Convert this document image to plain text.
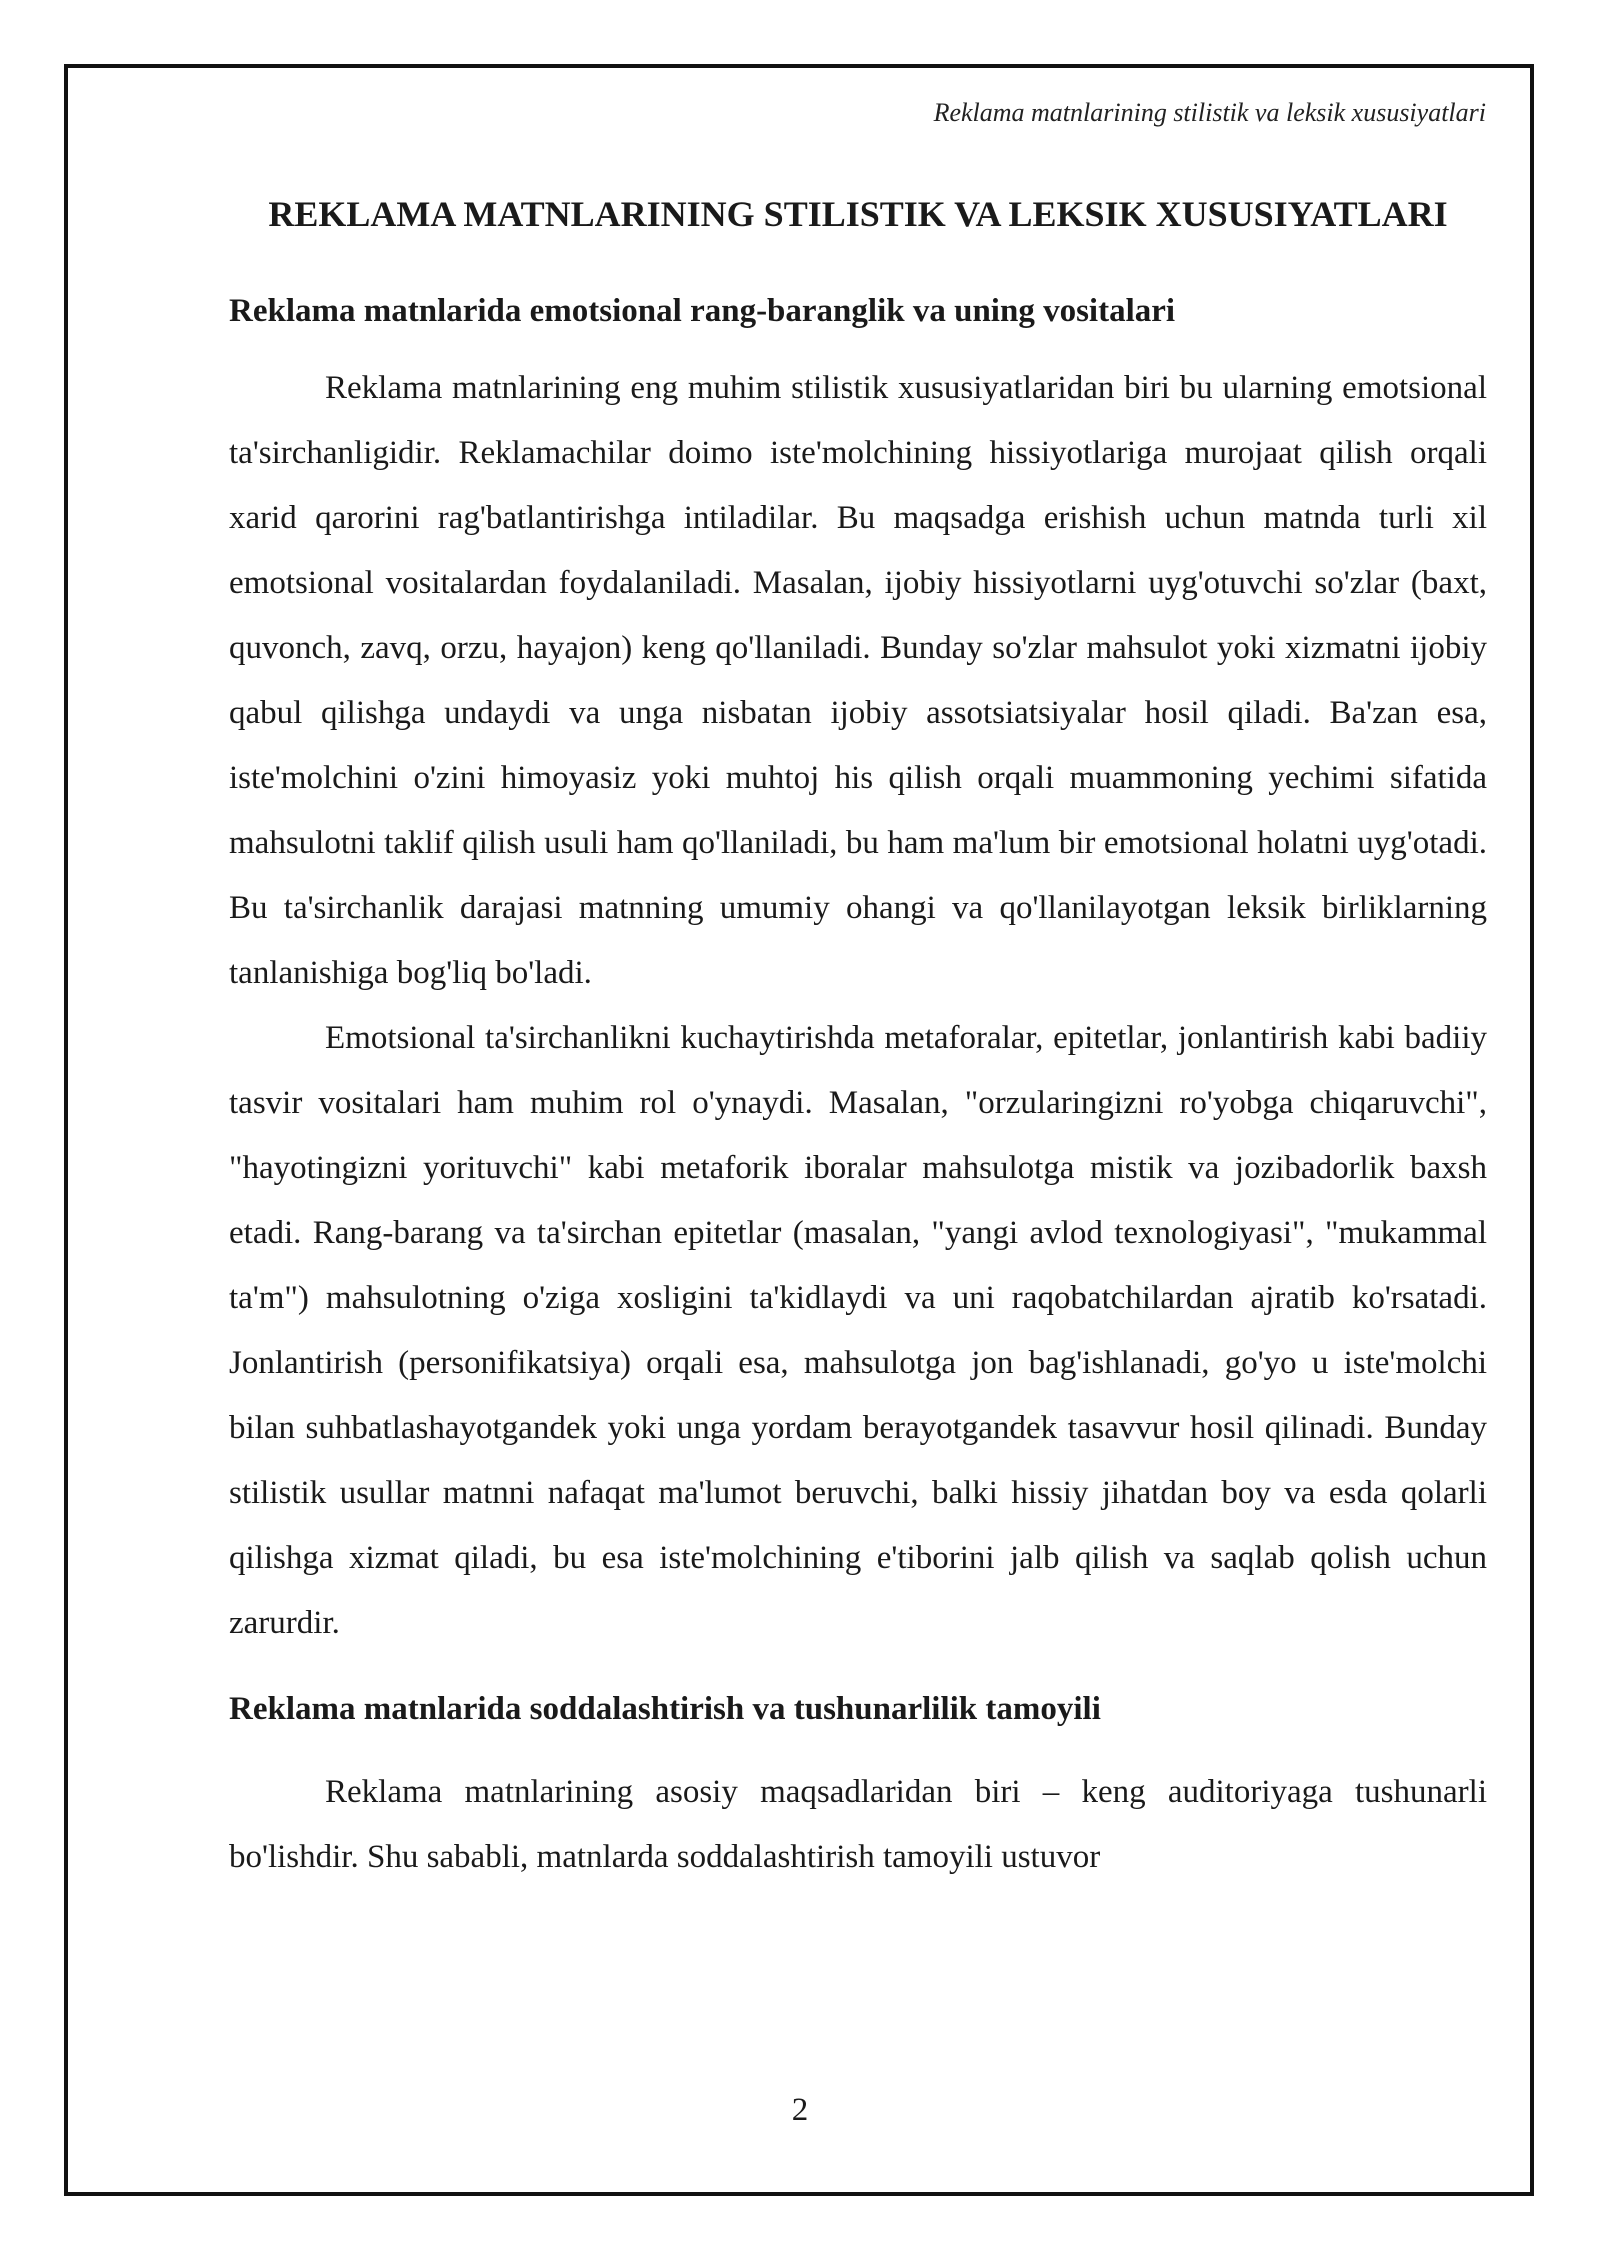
Reklama matnlarining stilistik va leksik xususiyatlari
REKLAMA MATNLARINING STILISTIK VA LEKSIK XUSUSIYATLARI
Reklama matnlarida emotsional rang-baranglik va uning vositalari

Reklama matnlarining eng muhim stilistik xususiyatlaridan biri bu ularning emotsional ta'sirchanligidir. Reklamachilar doimo iste'molchining hissiyotlariga murojaat qilish orqali xarid qarorini rag'batlantirishga intiladilar. Bu maqsadga erishish uchun matnda turli xil emotsional vositalardan foydalaniladi. Masalan, ijobiy hissiyotlarni uyg'otuvchi so'zlar (baxt, quvonch, zavq, orzu, hayajon) keng qo'llaniladi. Bunday so'zlar mahsulot yoki xizmatni ijobiy qabul qilishga undaydi va unga nisbatan ijobiy assotsiatsiyalar hosil qiladi. Ba'zan esa, iste'molchini o'zini himoyasiz yoki muhtoj his qilish orqali muammoning yechimi sifatida mahsulotni taklif qilish usuli ham qo'llaniladi, bu ham ma'lum bir emotsional holatni uyg'otadi. Bu ta'sirchanlik darajasi matnning umumiy ohangi va qo'llanilayotgan leksik birliklarning tanlanishiga bog'liq bo'ladi.

Emotsional ta'sirchanlikni kuchaytirishda metaforalar, epitetlar, jonlantirish kabi badiiy tasvir vositalari ham muhim rol o'ynaydi. Masalan, "orzularingizni ro'yobga chiqaruvchi", "hayotingizni yorituvchi" kabi metaforik iboralar mahsulotga mistik va jozibadorlik baxsh etadi. Rang-barang va ta'sirchan epitetlar (masalan, "yangi avlod texnologiyasi", "mukammal ta'm") mahsulotning o'ziga xosligini ta'kidlaydi va uni raqobatchilardan ajratib ko'rsatadi. Jonlantirish (personifikatsiya) orqali esa, mahsulotga jon bag'ishlanadi, go'yo u iste'molchi bilan suhbatlashayotgandek yoki unga yordam berayotgandek tasavvur hosil qilinadi. Bunday stilistik usullar matnni nafaqat ma'lumot beruvchi, balki hissiy jihatdan boy va esda qolarli qilishga xizmat qiladi, bu esa iste'molchining e'tiborini jalb qilish va saqlab qolish uchun zarurdir.

Reklama matnlarida soddalashtirish va tushunarlilik tamoyili

Reklama matnlarining asosiy maqsadlaridan biri – keng auditoriyaga tushunarli bo'lishdir. Shu sababli, matnlarda soddalashtirish tamoyili ustuvor

2
